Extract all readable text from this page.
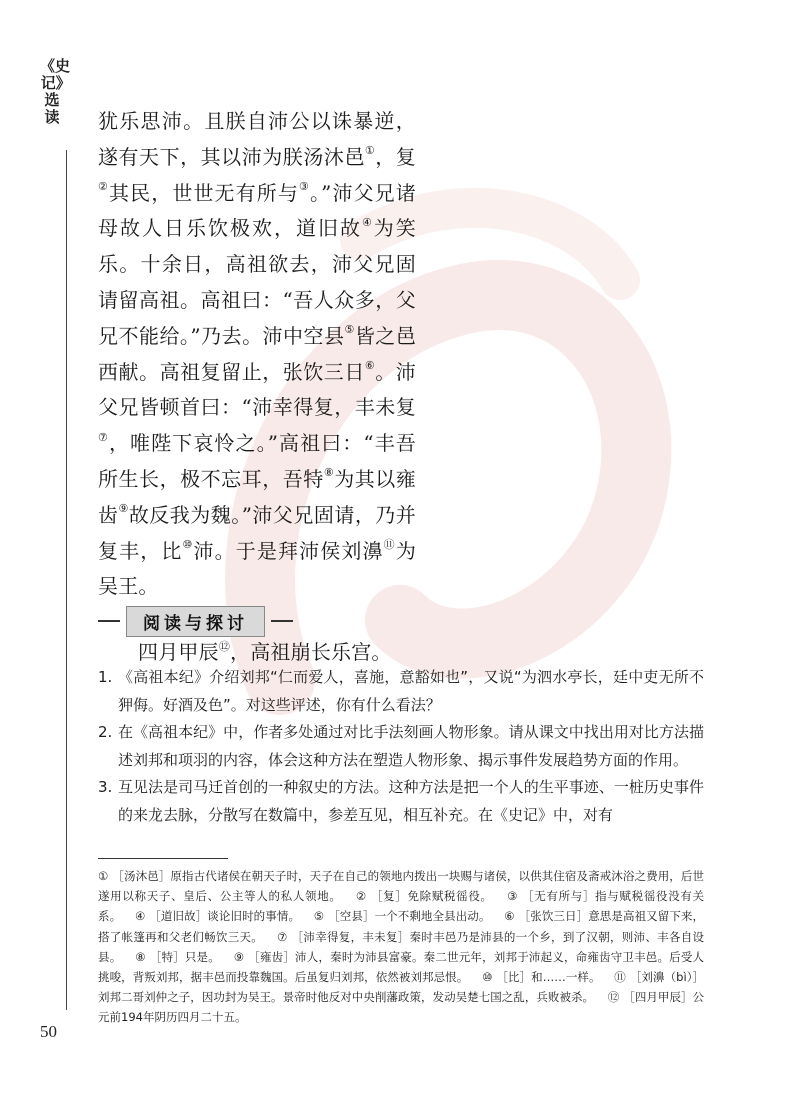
《史记》选读 犹乐思沛。且朕自沛公以诛暴逆，遂有天下，其以沛为朕汤沐邑①，复②其民，世世无有所与③。”沛父兄诸母故人日乐饮极欢，道旧故④为笑乐。十余日，高祖欲去，沛父兄固请留高祖。高祖曰：“吾人众多，父兄不能给。”乃去。沛中空县⑤皆之邑西献。高祖复留止，张饮三日⑥。沛父兄皆顿首曰：“沛幸得复，丰未复⑦，唯陛下哀怜之。”高祖曰：“丰吾所生长，极不忘耳，吾特⑧为其以雍齿⑨故反我为魏。”沛父兄固请，乃并复丰，比⑩沛。于是拜沛侯刘濞⑪为吴王。

四月甲辰⑫，高祖崩长乐宫。

阅读与探讨
1. 《高祖本纪》介绍刘邦“仁而爱人，喜施，意豁如也”，又说“为泗水亭长，廷中吏无所不狎侮。好酒及色”。对这些评述，你有什么看法？
2. 在《高祖本纪》中，作者多处通过对比手法刻画人物形象。请从课文中找出用对比方法描述刘邦和项羽的内容，体会这种方法在塑造人物形象、揭示事件发展趋势方面的作用。
3. 互见法是司马迁首创的一种叙史的方法。这种方法是把一个人的生平事迹、一桩历史事件的来龙去脉，分散写在数篇中，参差互见，相互补充。在《史记》中，对有
① ［汤沐邑］原指古代诸侯在朝天子时，天子在自己的领地内拨出一块赐与诸侯，以供其住宿及斋戒沐浴之费用，后世遂用以称天子、皇后、公主等人的私人领地。 ② ［复］免除赋税徭役。 ③ ［无有所与］指与赋税徭役没有关系。 ④ ［道旧故］谈论旧时的事情。 ⑤ ［空县］一个不剩地全县出动。 ⑥ ［张饮三日］意思是高祖又留下来，搭了帐篷再和父老们畅饮三天。 ⑦ ［沛幸得复，丰未复］秦时丰邑乃是沛县的一个乡，到了汉朝，则沛、丰各自设县。 ⑧ ［特］只是。 ⑨ ［雍齿］沛人，秦时为沛县富豪。秦二世元年，刘邦于沛起义，命雍齿守卫丰邑。后受人挑唆，背叛刘邦，据丰邑而投靠魏国。后虽复归刘邦，依然被刘邦忌恨。 ⑩ ［比］和……一样。 ⑪ ［刘濞（bì）］刘邦二哥刘仲之子，因功封为吴王。景帝时他反对中央削藩政策，发动吴楚七国之乱，兵败被杀。 ⑫ ［四月甲辰］公元前194年阴历四月二十五。
50
